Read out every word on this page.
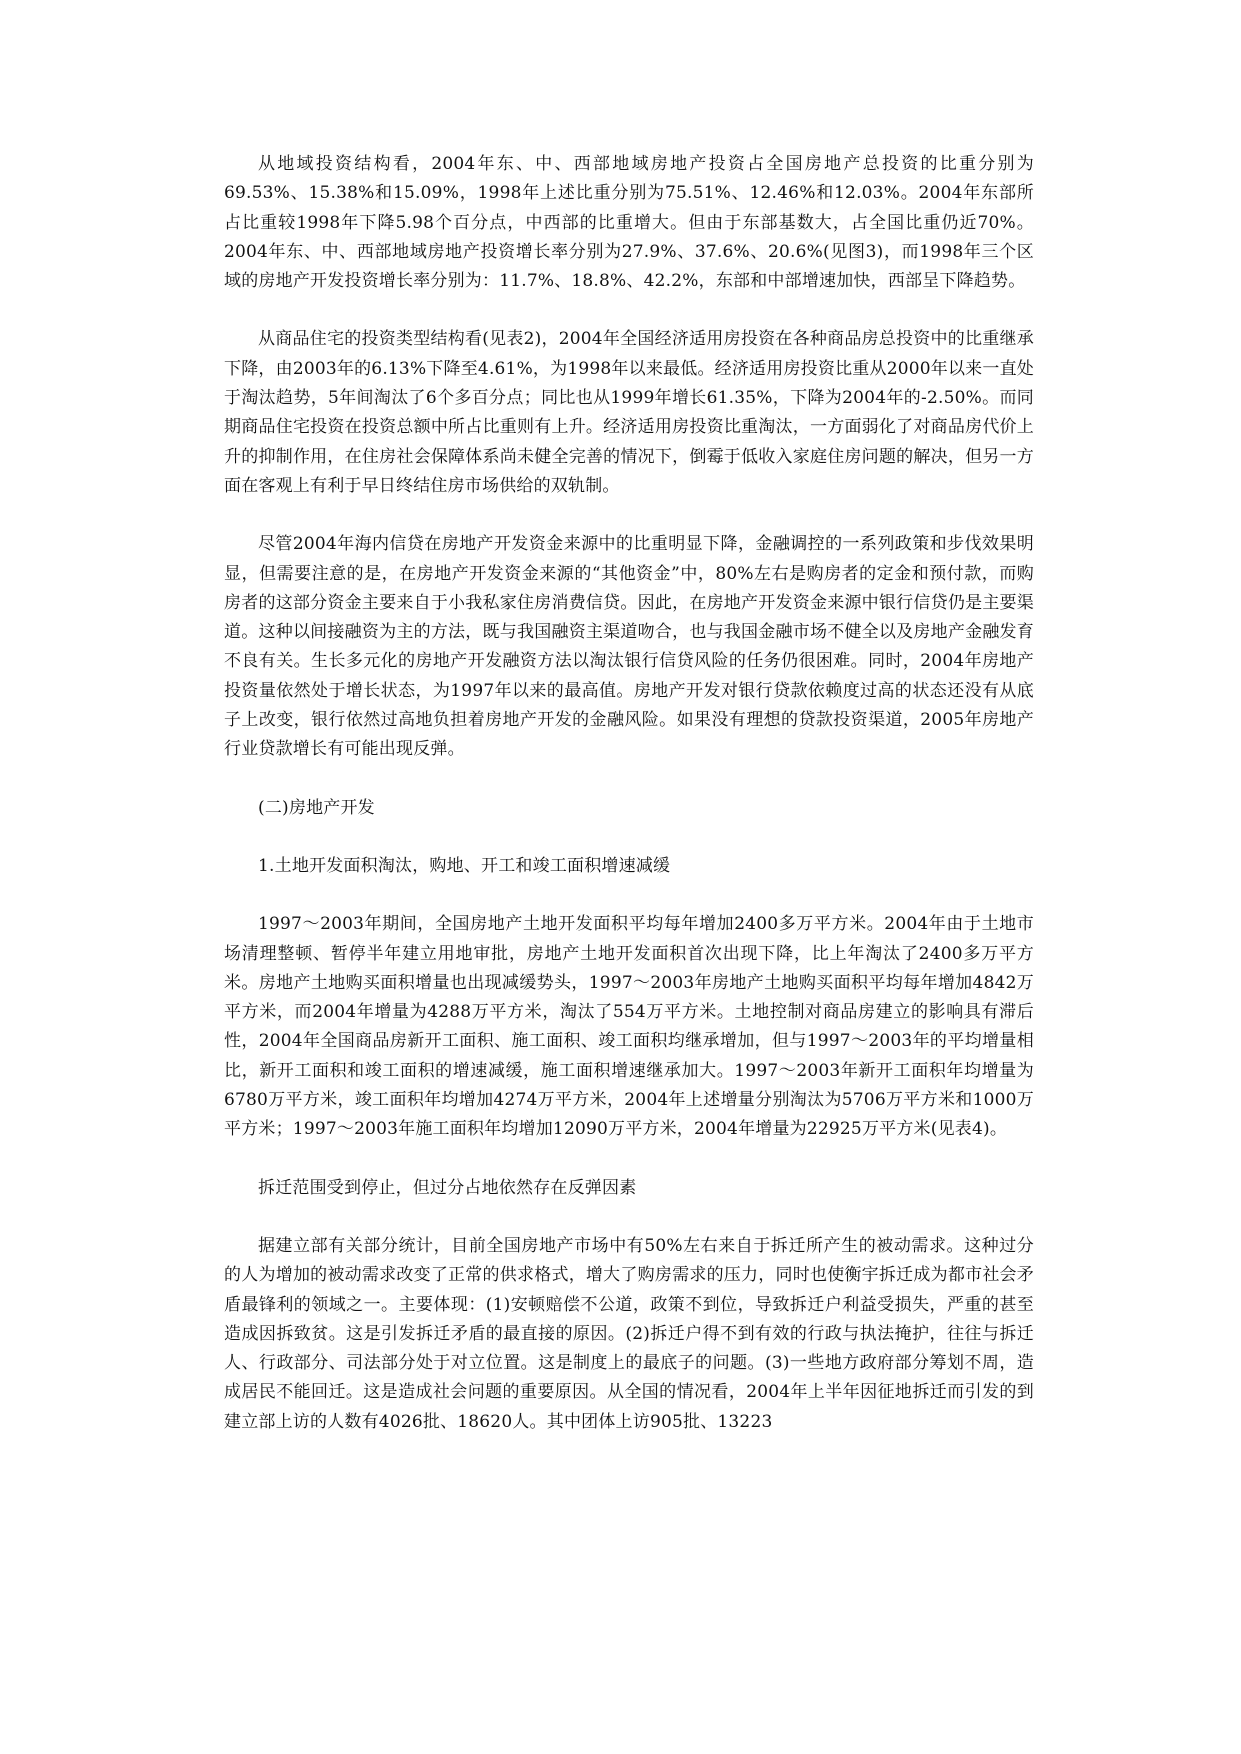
从地域投资结构看，2004年东、中、西部地域房地产投资占全国房地产总投资的比重分别为69.53%、15.38%和15.09%，1998年上述比重分别为75.51%、12.46%和12.03%。2004年东部所占比重较1998年下降5.98个百分点，中西部的比重增大。但由于东部基数大，占全国比重仍近70%。2004年东、中、西部地域房地产投资增长率分别为27.9%、37.6%、20.6%(见图3)，而1998年三个区域的房地产开发投资增长率分别为：11.7%、18.8%、42.2%，东部和中部增速加快，西部呈下降趋势。

从商品住宅的投资类型结构看(见表2)，2004年全国经济适用房投资在各种商品房总投资中的比重继承下降，由2003年的6.13%下降至4.61%，为1998年以来最低。经济适用房投资比重从2000年以来一直处于淘汰趋势，5年间淘汰了6个多百分点；同比也从1999年增长61.35%，下降为2004年的-2.50%。而同期商品住宅投资在投资总额中所占比重则有上升。经济适用房投资比重淘汰，一方面弱化了对商品房代价上升的抑制作用，在住房社会保障体系尚未健全完善的情况下，倒霉于低收入家庭住房问题的解决，但另一方面在客观上有利于早日终结住房市场供给的双轨制。

尽管2004年海内信贷在房地产开发资金来源中的比重明显下降，金融调控的一系列政策和步伐效果明显，但需要注意的是，在房地产开发资金来源的“其他资金”中，80%左右是购房者的定金和预付款，而购房者的这部分资金主要来自于小我私家住房消费信贷。因此，在房地产开发资金来源中银行信贷仍是主要渠道。这种以间接融资为主的方法，既与我国融资主渠道吻合，也与我国金融市场不健全以及房地产金融发育不良有关。生长多元化的房地产开发融资方法以淘汰银行信贷风险的任务仍很困难。同时，2004年房地产投资量依然处于增长状态，为1997年以来的最高值。房地产开发对银行贷款依赖度过高的状态还没有从底子上改变，银行依然过高地负担着房地产开发的金融风险。如果没有理想的贷款投资渠道，2005年房地产行业贷款增长有可能出现反弹。

(二)房地产开发

1.土地开发面积淘汰，购地、开工和竣工面积增速减缓

1997～2003年期间，全国房地产土地开发面积平均每年增加2400多万平方米。2004年由于土地市场清理整顿、暂停半年建立用地审批，房地产土地开发面积首次出现下降，比上年淘汰了2400多万平方米。房地产土地购买面积增量也出现减缓势头，1997～2003年房地产土地购买面积平均每年增加4842万平方米，而2004年增量为4288万平方米，淘汰了554万平方米。土地控制对商品房建立的影响具有滞后性，2004年全国商品房新开工面积、施工面积、竣工面积均继承增加，但与1997～2003年的平均增量相比，新开工面积和竣工面积的增速减缓，施工面积增速继承加大。1997～2003年新开工面积年均增量为6780万平方米，竣工面积年均增加4274万平方米，2004年上述增量分别淘汰为5706万平方米和1000万平方米；1997～2003年施工面积年均增加12090万平方米，2004年增量为22925万平方米(见表4)。

拆迁范围受到停止，但过分占地依然存在反弹因素

据建立部有关部分统计，目前全国房地产市场中有50%左右来自于拆迁所产生的被动需求。这种过分的人为增加的被动需求改变了正常的供求格式，增大了购房需求的压力，同时也使衡宇拆迁成为都市社会矛盾最锋利的领域之一。主要体现：(1)安顿赔偿不公道，政策不到位，导致拆迁户利益受损失，严重的甚至造成因拆致贫。这是引发拆迁矛盾的最直接的原因。(2)拆迁户得不到有效的行政与执法掩护，往往与拆迁人、行政部分、司法部分处于对立位置。这是制度上的最底子的问题。(3)一些地方政府部分筹划不周，造成居民不能回迁。这是造成社会问题的重要原因。从全国的情况看，2004年上半年因征地拆迁而引发的到建立部上访的人数有4026批、18620人。其中团体上访905批、13223
